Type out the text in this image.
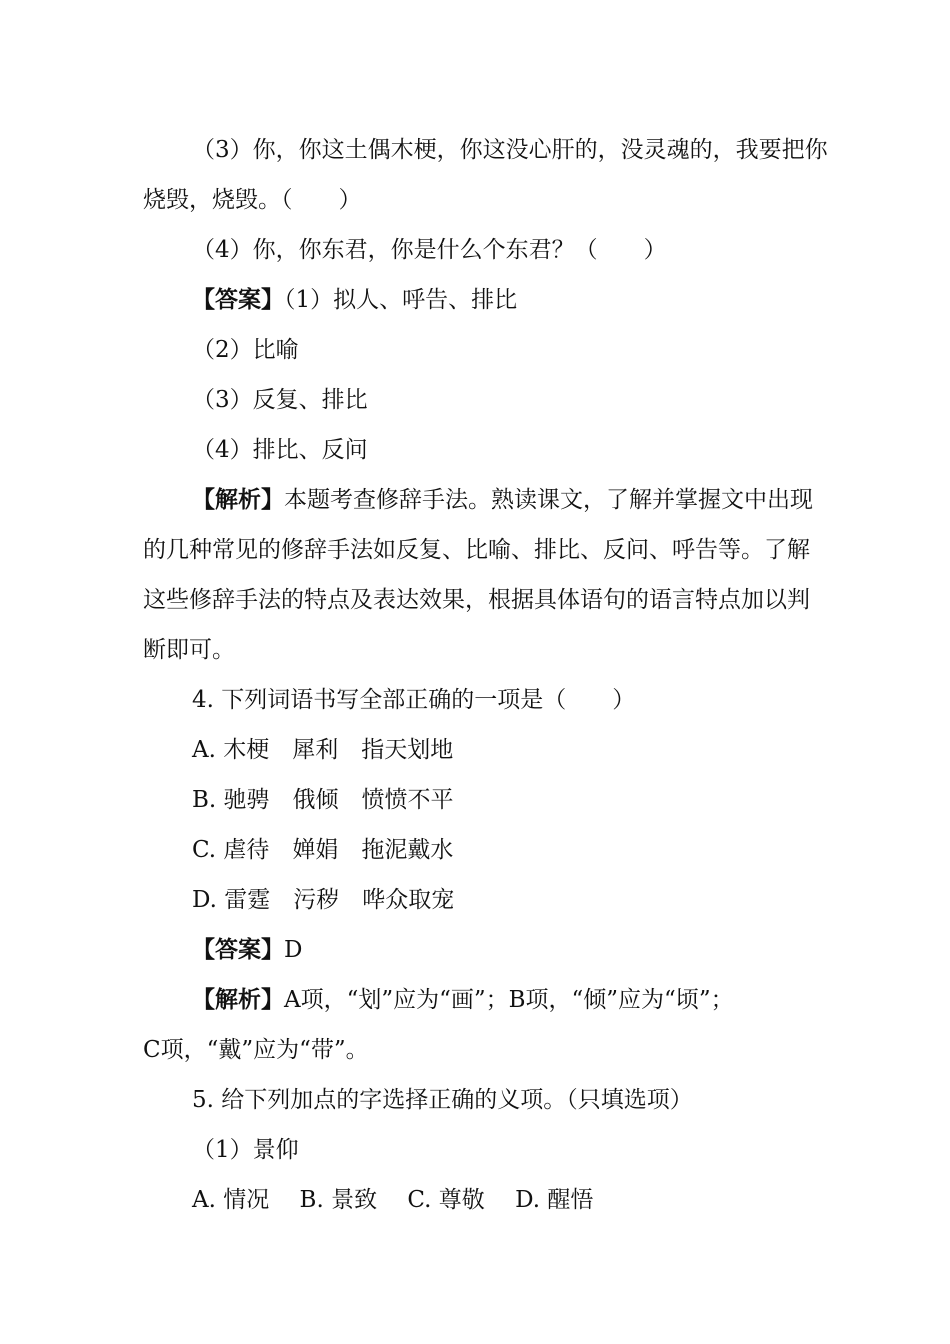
（3）你，你这土偶木梗，你这没心肝的，没灵魂的，我要把你
烧毁，烧毁。（　　）
（4）你，你东君，你是什么个东君？（　　）
【答案】（1）拟人、呼告、排比
（2）比喻
（3）反复、排比
（4）排比、反问
【解析】本题考查修辞手法。熟读课文，了解并掌握文中出现
的几种常见的修辞手法如反复、比喻、排比、反问、呼告等。了解
这些修辞手法的特点及表达效果，根据具体语句的语言特点加以判
断即可。
4. 下列词语书写全部正确的一项是（　　）
A. 木梗　犀利　指天划地
B. 驰骋　俄倾　愤愤不平
C. 虐待　婵娟　拖泥戴水
D. 雷霆　污秽　哗众取宠
【答案】D
【解析】A项，“划”应为“画”；B项，“倾”应为“顷”；
C项，“戴”应为“带”。
5. 给下列加点的字选择正确的义项。（只填选项）
（1）景仰
A. 情况　 B. 景致　 C. 尊敬　 D. 醒悟
